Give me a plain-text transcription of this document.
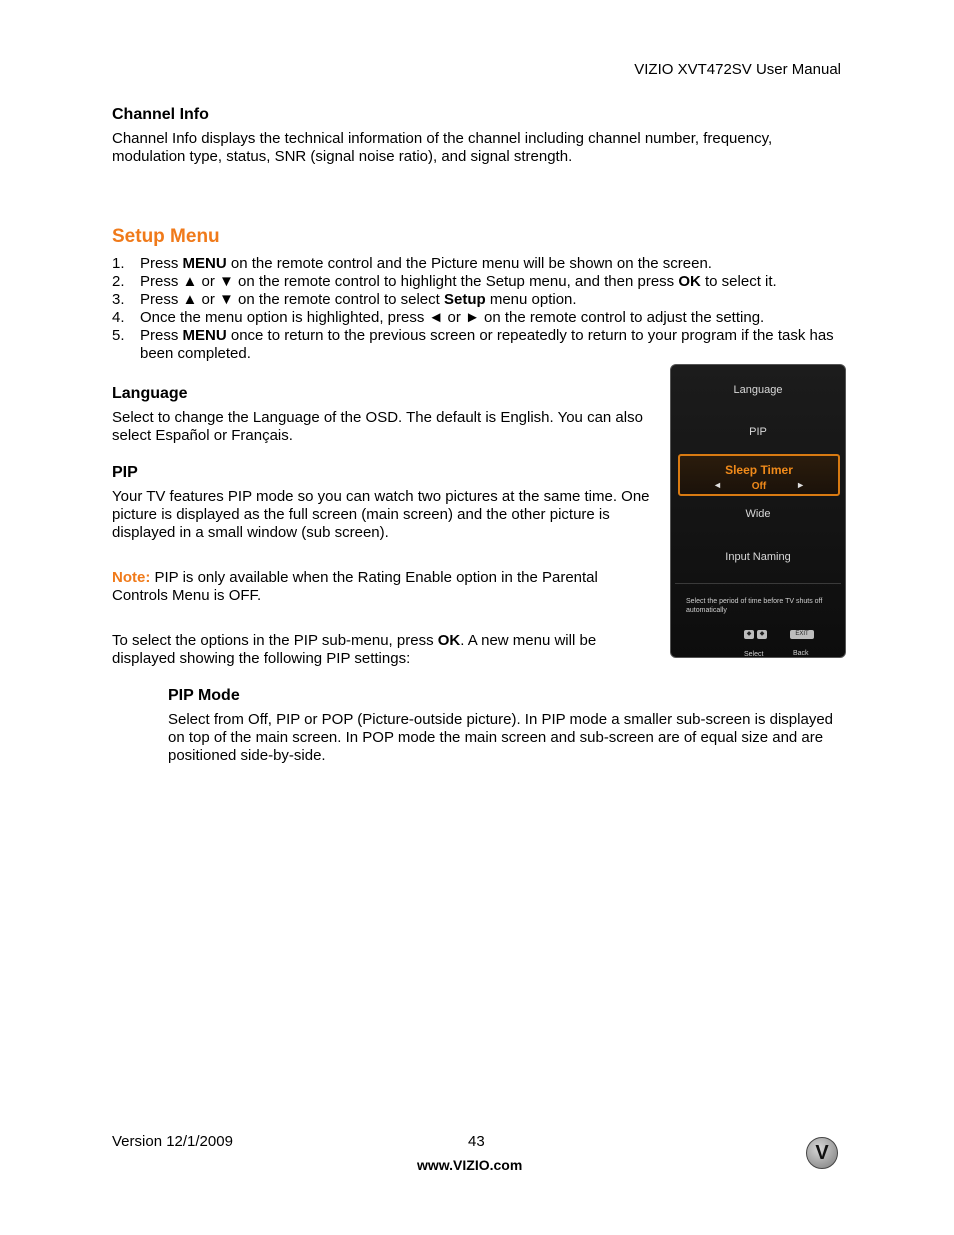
VIZIO XVT472SV User Manual
Channel Info

Channel Info displays the technical information of the channel including channel number, frequency, modulation type, status, SNR (signal noise ratio), and signal strength.

Setup Menu
1. Press MENU on the remote control and the Picture menu will be shown on the screen.
2. Press ▲ or ▼ on the remote control to highlight the Setup menu, and then press OK to select it.
3. Press ▲ or ▼ on the remote control to select Setup menu option.
4. Once the menu option is highlighted, press ◄ or ► on the remote control to adjust the setting.
5. Press MENU once to return to the previous screen or repeatedly to return to your program if the task has been completed.
Language

Select to change the Language of the OSD. The default is English. You can also select Español or Français.

PIP

Your TV features PIP mode so you can watch two pictures at the same time. One picture is displayed as the full screen (main screen) and the other picture is displayed in a small window (sub screen).

Note: PIP is only available when the Rating Enable option in the Parental Controls Menu is OFF.

To select the options in the PIP sub-menu, press OK. A new menu will be displayed showing the following PIP settings:

PIP Mode

Select from Off, PIP or POP (Picture-outside picture). In PIP mode a smaller sub-screen is displayed on top of the main screen. In POP mode the main screen and sub-screen are of equal size and are positioned side-by-side.

Language
PIP
◄
Sleep Timer
Off	►
Wide
Input Naming
Select the period of time before TV shuts off automatically
◆	◆
Select
EXIT
Back
Version 12/1/2009	43
www.VIZIO.com
V
